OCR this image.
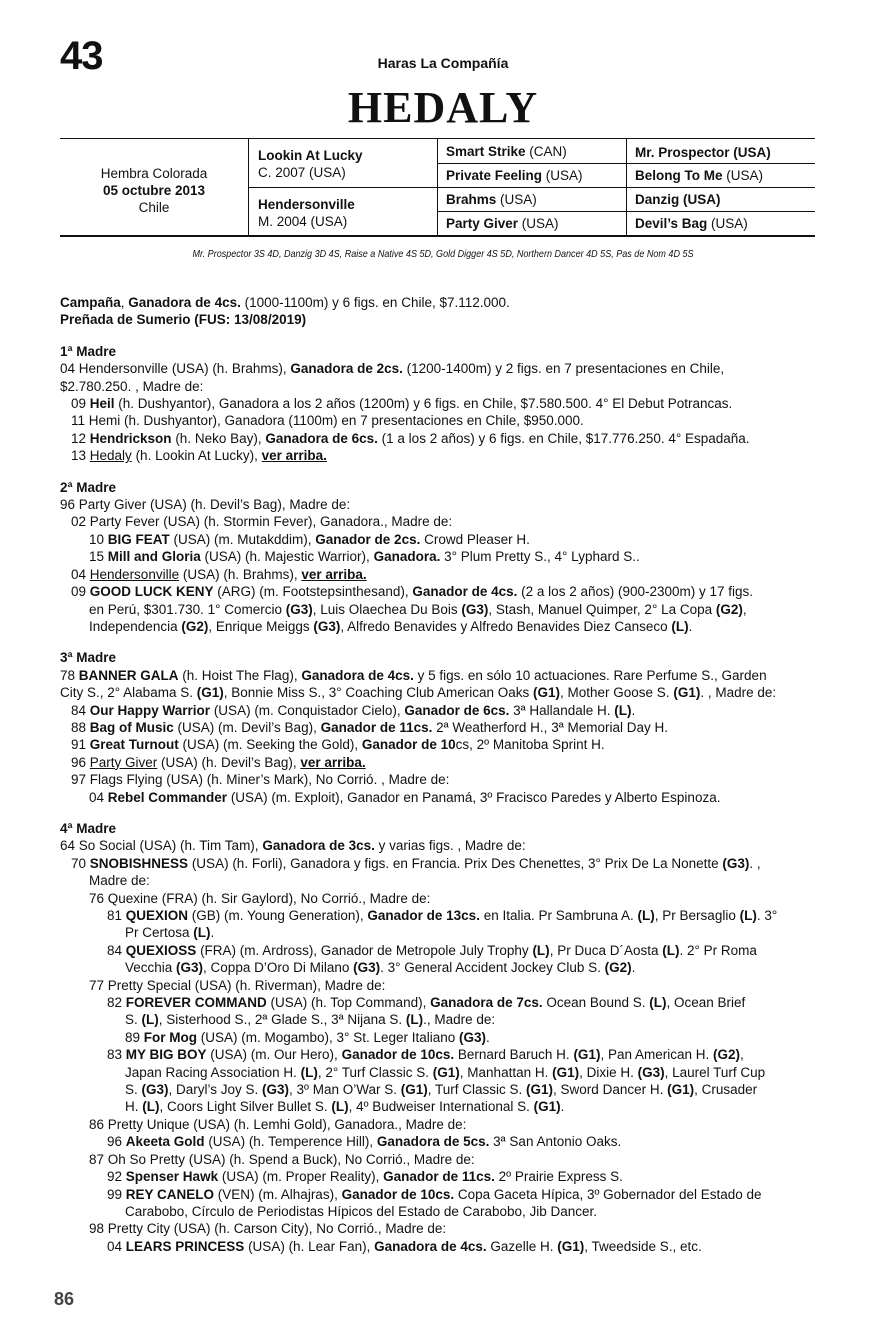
43	Haras La Compañía
HEDALY
Hembra Colorada
05 octubre 2013
Chile
Lookin At Lucky
C. 2007 (USA)
Hendersonville
M. 2004 (USA)
Smart Strike (CAN)
Private Feeling (USA)
Brahms (USA)
Party Giver (USA)
Mr. Prospector (USA)
Belong To Me (USA)
Danzig (USA)
Devil’s Bag (USA)
Mr. Prospector 3S 4D, Danzig 3D 4S, Raise a Native 4S 5D, Gold Digger 4S 5D, Northern Dancer 4D 5S, Pas de Nom 4D 5S
Campaña, Ganadora de 4cs. (1000-1100m) y 6 figs. en Chile, $7.112.000.
Preñada de Sumerio (FUS: 13/08/2019)
1ª Madre
04 Hendersonville (USA) (h. Brahms), Ganadora de 2cs. (1200-1400m) y 2 figs. en 7 presentaciones en Chile,
$2.780.250. , Madre de:
09 Heil (h. Dushyantor), Ganadora a los 2 años (1200m) y 6 figs. en Chile, $7.580.500. 4° El Debut Potrancas.
11 Hemi (h. Dushyantor), Ganadora (1100m) en 7 presentaciones en Chile, $950.000.
12 Hendrickson (h. Neko Bay), Ganadora de 6cs. (1 a los 2 años) y 6 figs. en Chile, $17.776.250. 4° Espadaña.
13 Hedaly (h. Lookin At Lucky), ver arriba.
2ª Madre
96 Party Giver (USA) (h. Devil’s Bag), Madre de:
02 Party Fever (USA) (h. Stormin Fever), Ganadora., Madre de:
10 BIG FEAT (USA) (m. Mutakddim), Ganador de 2cs. Crowd Pleaser H.
15 Mill and Gloria (USA) (h. Majestic Warrior), Ganadora. 3° Plum Pretty S., 4° Lyphard S..
04 Hendersonville (USA) (h. Brahms), ver arriba.
09 GOOD LUCK KENY (ARG) (m. Footstepsinthesand), Ganador de 4cs. (2 a los 2 años) (900-2300m) y 17 figs.
en Perú, $301.730. 1° Comercio (G3), Luis Olaechea Du Bois (G3), Stash, Manuel Quimper, 2° La Copa (G2),
Independencia (G2), Enrique Meiggs (G3), Alfredo Benavides y Alfredo Benavides Diez Canseco (L).
3ª Madre
78 BANNER GALA (h. Hoist The Flag), Ganadora de 4cs. y 5 figs. en sólo 10 actuaciones. Rare Perfume S., Garden
City S., 2° Alabama S. (G1), Bonnie Miss S., 3° Coaching Club American Oaks (G1), Mother Goose S. (G1). , Madre de:
84 Our Happy Warrior (USA) (m. Conquistador Cielo), Ganador de 6cs. 3ª Hallandale H. (L).
88 Bag of Music (USA) (m. Devil’s Bag), Ganador de 11cs. 2ª Weatherford H., 3ª Memorial Day H.
91 Great Turnout (USA) (m. Seeking the Gold), Ganador de 10cs, 2º Manitoba Sprint H.
96 Party Giver (USA) (h. Devil’s Bag), ver arriba.
97 Flags Flying (USA) (h. Miner’s Mark), No Corrió. , Madre de:
04 Rebel Commander (USA) (m. Exploit), Ganador en Panamá, 3º Fracisco Paredes y Alberto Espinoza.
4ª Madre
64 So Social (USA) (h. Tim Tam), Ganadora de 3cs. y varias figs. , Madre de:
70 SNOBISHNESS (USA) (h. Forli), Ganadora y figs. en Francia. Prix Des Chenettes, 3° Prix De La Nonette (G3). ,
Madre de:
76 Quexine (FRA) (h. Sir Gaylord), No Corrió., Madre de:
81 QUEXION (GB) (m. Young Generation), Ganador de 13cs. en Italia. Pr Sambruna A. (L), Pr Bersaglio (L). 3°
Pr Certosa (L).
84 QUEXIOSS (FRA) (m. Ardross), Ganador de Metropole July Trophy (L), Pr Duca D´Aosta (L). 2° Pr Roma
Vecchia (G3), Coppa D’Oro Di Milano (G3). 3° General Accident Jockey Club S. (G2).
77 Pretty Special (USA) (h. Riverman), Madre de:
82 FOREVER COMMAND (USA) (h. Top Command), Ganadora de 7cs. Ocean Bound S. (L), Ocean Brief
S. (L), Sisterhood S., 2ª Glade S., 3ª Nijana S. (L)., Madre de:
89 For Mog (USA) (m. Mogambo), 3° St. Leger Italiano (G3).
83 MY BIG BOY (USA) (m. Our Hero), Ganador de 10cs. Bernard Baruch H. (G1), Pan American H. (G2),
Japan Racing Association H. (L), 2° Turf Classic S. (G1), Manhattan H. (G1), Dixie H. (G3), Laurel Turf Cup
S. (G3), Daryl’s Joy S. (G3), 3º Man O’War S. (G1), Turf Classic S. (G1), Sword Dancer H. (G1), Crusader
H. (L), Coors Light Silver Bullet S. (L), 4º Budweiser International S. (G1).
86 Pretty Unique (USA) (h. Lemhi Gold), Ganadora., Madre de:
96 Akeeta Gold (USA) (h. Temperence Hill), Ganadora de 5cs. 3ª San Antonio Oaks.
87 Oh So Pretty (USA) (h. Spend a Buck), No Corrió., Madre de:
92 Spenser Hawk (USA) (m. Proper Reality), Ganador de 11cs. 2º Prairie Express S.
99 REY CANELO (VEN) (m. Alhajras), Ganador de 10cs. Copa Gaceta Hípica, 3º Gobernador del Estado de
Carabobo, Círculo de Periodistas Hípicos del Estado de Carabobo, Jib Dancer.
98 Pretty City (USA) (h. Carson City), No Corrió., Madre de:
04 LEARS PRINCESS (USA) (h. Lear Fan), Ganadora de 4cs. Gazelle H. (G1), Tweedside S., etc.
86
